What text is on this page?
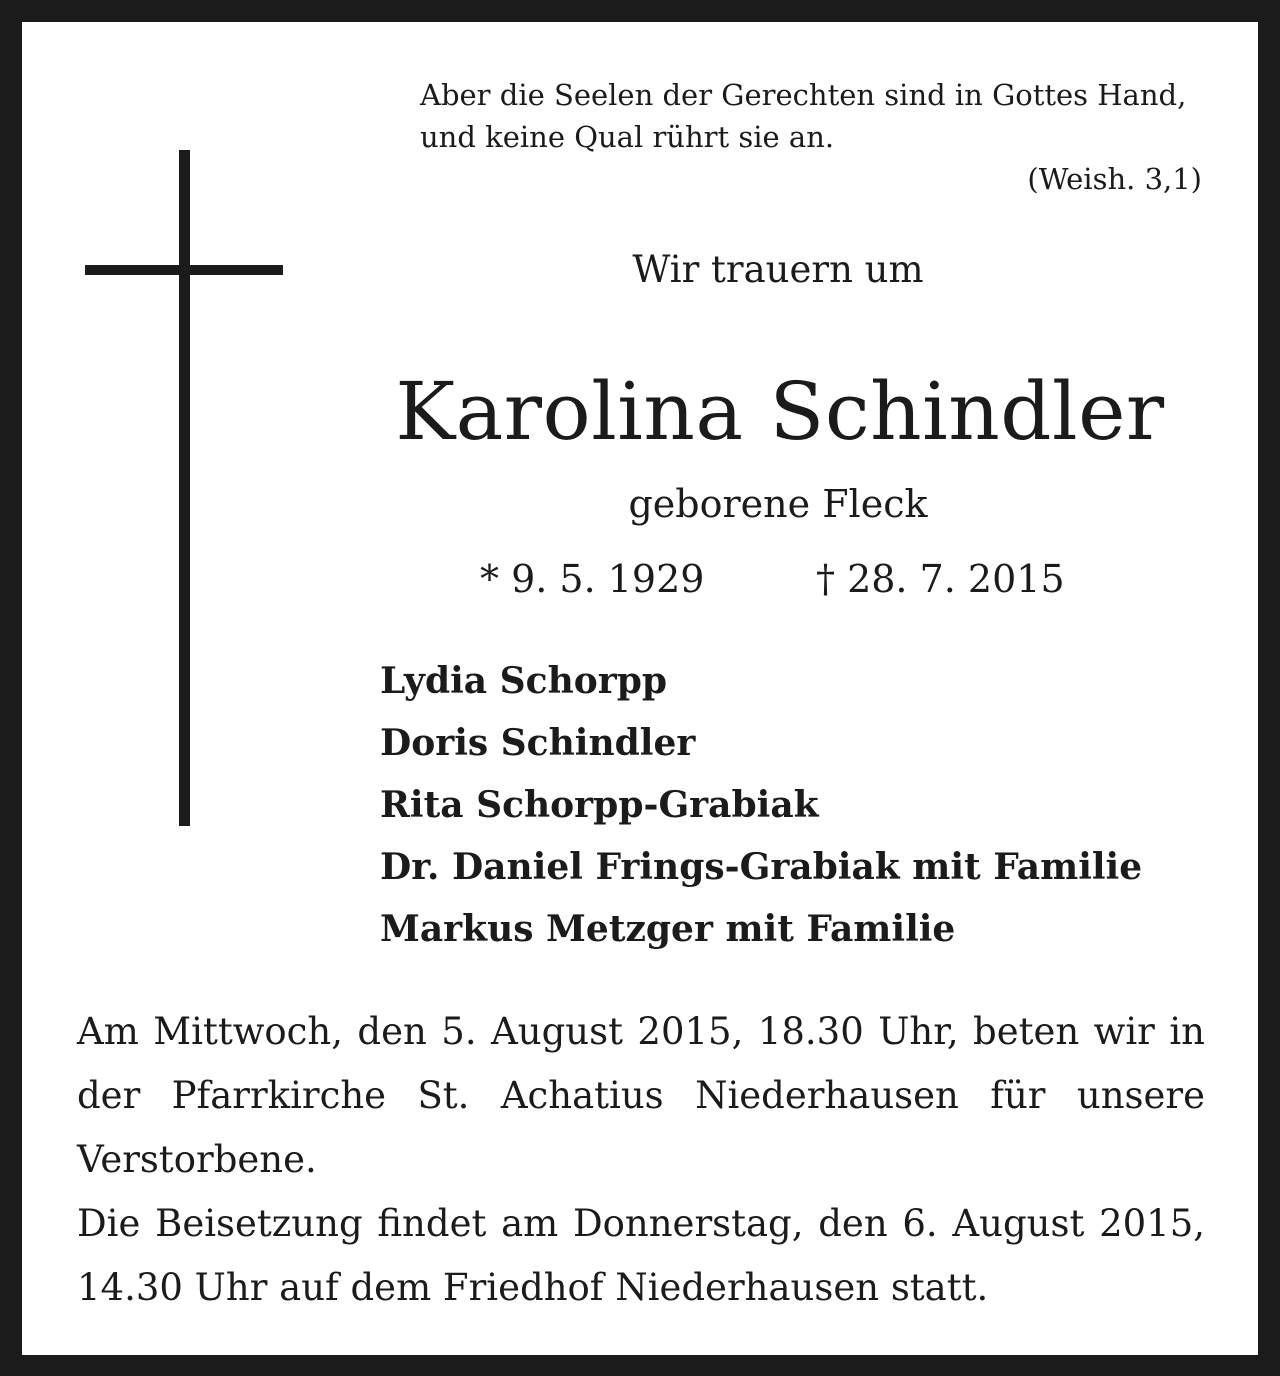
Aber die Seelen der Gerechten sind in Gottes Hand,
und keine Qual rührt sie an.
(Weish. 3,1)
Wir trauern um
Karolina Schindler
geborene Fleck
* 9. 5. 1929	† 28. 7. 2015
Lydia Schorpp
Doris Schindler
Rita Schorpp-Grabiak
Dr. Daniel Frings-Grabiak mit Familie
Markus Metzger mit Familie

Am Mittwoch, den 5. August 2015, 18.30 Uhr, beten wir in der Pfarrkirche St. Achatius Niederhausen für unsere Verstorbene.

Die Beisetzung findet am Donnerstag, den 6. August 2015, 14.30 Uhr auf dem Friedhof Niederhausen statt.
